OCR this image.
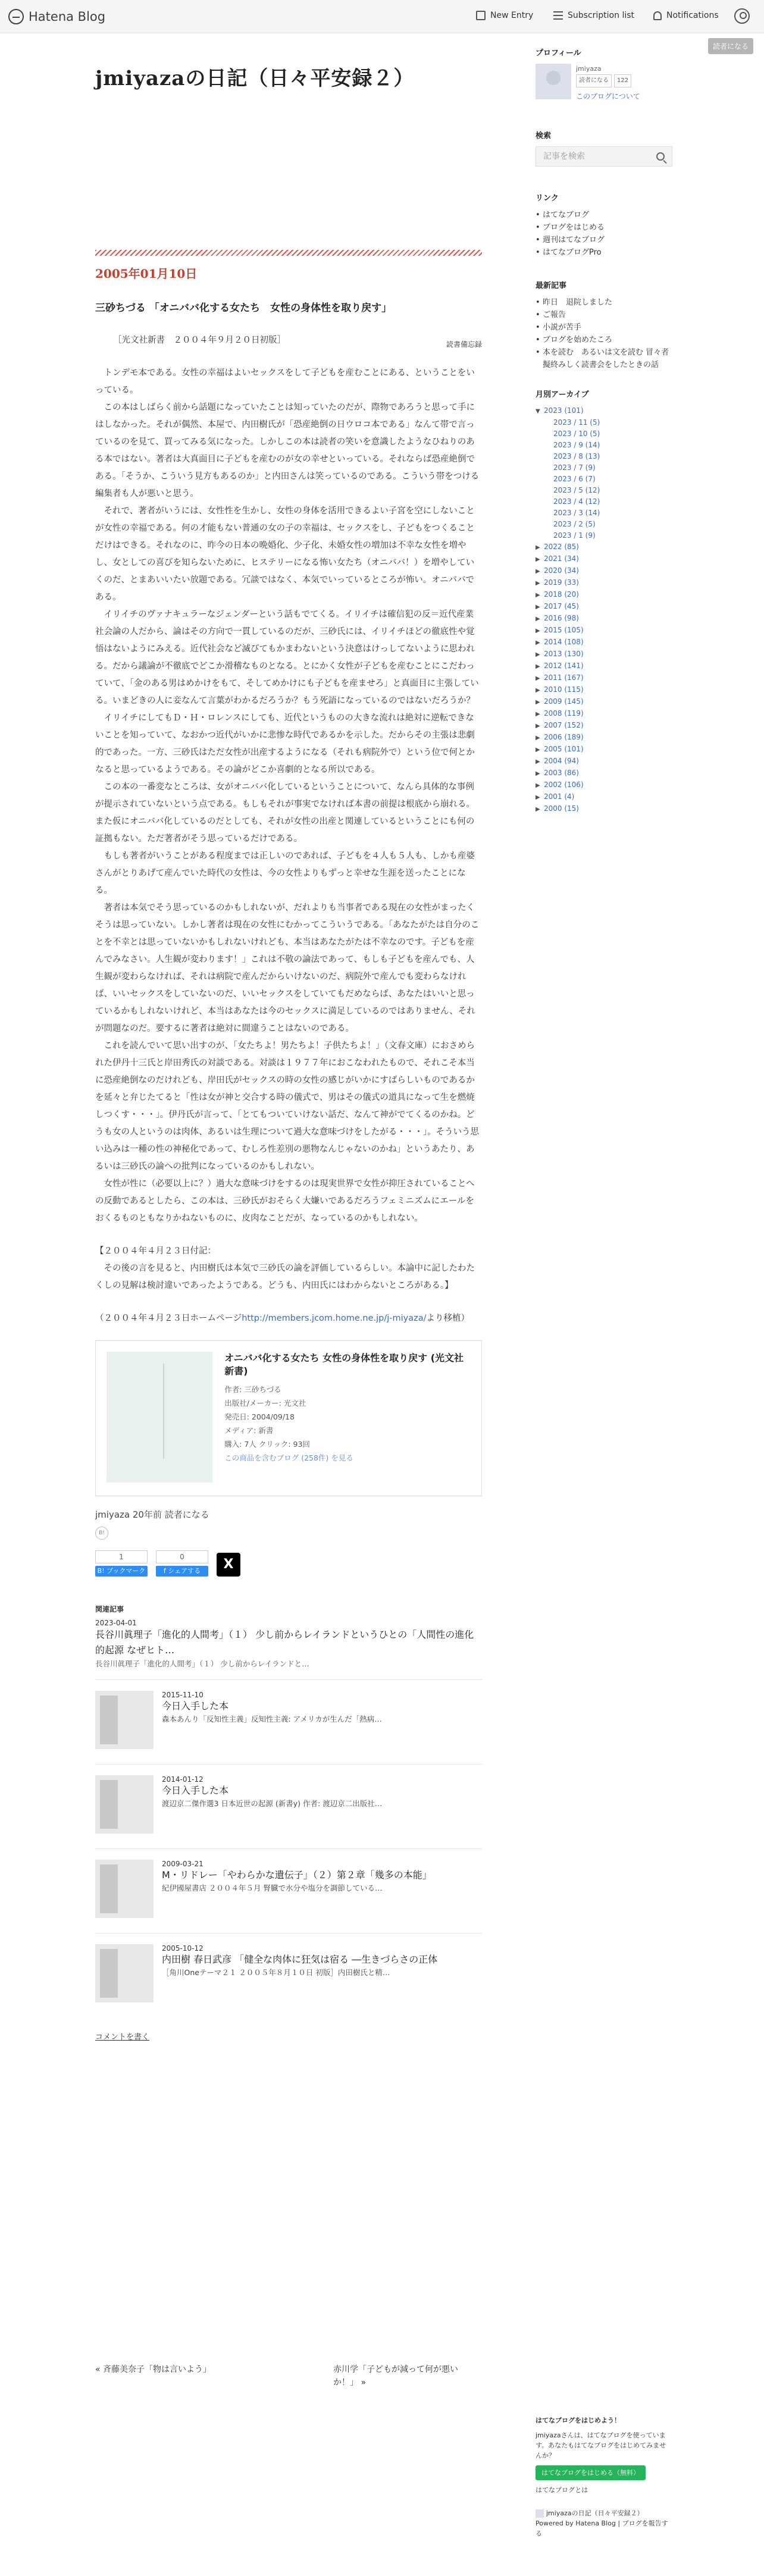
Hatena Blog	New Entry	Subscription list	Notifications
読者になる
jmiyazaの日記（日々平安録２）
2005年01月10日
三砂ちづる 「オニババ化する女たち　女性の身体性を取り戻す」
読書備忘録

［光文社新書　２００４年９月２０日初版］

　トンデモ本である。女性の幸福はよいセックスをして子どもを産むことにある、ということをいっている。

　この本はしばらく前から話題になっていたことは知っていたのだが、際物であろうと思って手にはしなかった。それが偶然、本屋で、内田樹氏が「恐産絶倒の日ウロコ本である」なんて帯で言っているのを見て、買ってみる気になった。しかしこの本は読者の笑いを意識したようなひねりのある本ではない。著者は大真面目に子どもを産むのが女の幸せといっている。それならば恐産絶倒である。「そうか、こういう見方もあるのか」と内田さんは笑っているのである。こういう帯をつける編集者も人が悪いと思う。

　それで、著者がいうには、女性性を生かし、女性の身体を活用できるよい子宮を空にしないことが女性の幸福である。何の才能もない普通の女の子の幸福は、セックスをし、子どもをつくることだけはできる。それなのに、昨今の日本の晩婚化、少子化、未婚女性の増加は不幸な女性を増やし、女としての喜びを知らないために、ヒステリーになる怖い女たち（オニババ！）を増やしていくのだ、とまあいいたい放題である。冗談ではなく、本気でいっているところが怖い。オニババである。

　イリイチのヴァナキュラーなジェンダーという話もでてくる。イリイチは確信犯の反＝近代産業社会論の人だから、論はその方向で一貫しているのだが、三砂氏には、イリイチほどの徹底性や覚悟はないようにみえる。近代社会など滅びてもかまわないという決意はけっしてないように思われる。だから議論が不徹底でどこか滑稽なものとなる。とにかく女性が子どもを産むことにこだわっていて、「金のある男はめかけをもて、そしてめかけにも子どもを産ませろ」と真面目に主張している。いまどきの人に妾なんて言葉がわかるだろうか？もう死語になっているのではないだろうか？

　イリイチにしてもＤ・Ｈ・ロレンスにしても、近代というものの大きな流れは絶対に逆転できないことを知っていて、なおかつ近代がいかに悲惨な時代であるかを示した。だからその主張は悲劇的であった。一方、三砂氏はただ女性が出産するようになる（それも病院外で）という位で何とかなると思っているようである。その論がどこか喜劇的となる所以である。

　この本の一番変なところは、女がオニババ化しているということについて、なんら具体的な事例が提示されていないという点である。もしもそれが事実でなければ本書の前提は根底から崩れる。また仮にオニババ化しているのだとしても、それが女性の出産と関連しているということにも何の証拠もない。ただ著者がそう思っているだけである。

　もしも著者がいうことがある程度までは正しいのであれば、子どもを４人も５人も、しかも産婆さんがとりあげて産んでいた時代の女性は、今の女性よりもずっと幸せな生涯を送ったことになる。

　著者は本気でそう思っているのかもしれないが、だれよりも当事者である現在の女性がまったくそうは思っていない。しかし著者は現在の女性にむかってこういうである。「あなたがたは自分のことを不幸とは思っていないかもしれないけれども、本当はあなたがたは不幸なのです。子どもを産んでみなさい。人生観が変わります！」これは不敬の論法であって、もしも子どもを産んでも、人生観が変わらなければ、それは病院で産んだからいけないのだ、病院外で産んでも変わらなければ、いいセックスをしていないのだ、いいセックスをしていてもだめならば、あなたはいいと思っているかもしれないけれど、本当はあなたは今のセックスに満足しているのではありません、それが問題なのだ。要するに著者は絶対に間違うことはないのである。

　これを読んでいて思い出すのが、「女たちよ！男たちよ！子供たちよ！」（文春文庫）におさめられた伊丹十三氏と岸田秀氏の対談である。対談は１９７７年におこなわれたもので、それこそ本当に恐産絶倒なのだけれども、岸田氏がセックスの時の女性の感じがいかにすばらしいものであるかを延々と弁じたてると「性は女が神と交合する時の儀式で、男はその儀式の道具になって生を燃焼しつくす・・・」。伊丹氏が言って、「とてもついていけない話だ、なんて神がでてくるのかね。どうも女の人というのは肉体、あるいは生理について過大な意味づけをしたがる・・・」。そういう思い込みは一種の性の神秘化であって、むしろ性差別の悪物なんじゃないのかね」というあたり、あるいは三砂氏の論への批判になっているのかもしれない。

　女性が性に（必要以上に？）過大な意味づけをするのは現実世界で女性が抑圧されていることへの反動であるとしたら、この本は、三砂氏がおそらく大嫌いであるだろうフェミニズムにエールをおくるものともなりかねないものに、皮肉なことだが、なっているのかもしれない。

【２００４年４月２３日付記：

　その後の言を見ると、内田樹氏は本気で三砂氏の論を評価しているらしい。本論中に記したわたくしの見解は検討違いであったようである。どうも、内田氏にはわからないところがある。】

（２００４年４月２３日ホームページhttp://members.jcom.home.ne.jp/j-miyaza/より移植）

オニババ化する女たち 女性の身体性を取り戻す (光文社新書)
作者: 三砂ちづる
出版社/メーカー: 光文社
発売日: 2004/09/18
メディア: 新書
購入: 7人 クリック: 93回
この商品を含むブログ (258件) を見る
jmiyaza 20年前 読者になる
B!
1
B! ブックマーク
0
f シェアする	X
関連記事
2023-04-01
長谷川眞理子「進化的人間考」（１） 少し前からレイランドというひとの「人間性の進化的起源 なぜヒト…
長谷川眞理子「進化的人間考」（１） 少し前からレイランドと…
2015-11-10
今日入手した本
森本あんり「反知性主義」反知性主義: アメリカが生んだ「熱病…
2014-01-12
今日入手した本
渡辺京二傑作選3 日本近世の起源 (新書y) 作者: 渡辺京二出版社…
2009-03-21
M・リドレー「やわらかな遺伝子」（２）第２章「幾多の本能」
紀伊國屋書店 ２００４年５月 腎臓で水分や塩分を調節している…
2005-10-12
内田樹 春日武彦 「健全な肉体に狂気は宿る ―生きづらさの正体
［角川Oneテーマ２１ ２００５年８月１０日 初版］内田樹氏と精…
コメントを書く
« 斉藤美奈子「物は言いよう」	赤川学「子どもが減って何が悪いか！」 »
プロフィール
jmiyaza
読者になる 122
このブログについて
検索
記事を検索
リンク
• はてなブログ
• ブログをはじめる
• 週刊はてなブログ
• はてなブログPro
最新記事
• 昨日　退院しました
• ご報告
• 小説が苦手
• ブログを始めたころ
• 本を読む　あるいは文を読む 冒々者擬終みしく読書会をしたときの話
月別アーカイブ
▼ 2023 (101)
2023 / 11 (5)
2023 / 10 (5)
2023 / 9 (14)
2023 / 8 (13)
2023 / 7 (9)
2023 / 6 (7)
2023 / 5 (12)
2023 / 4 (12)
2023 / 3 (14)
2023 / 2 (5)
2023 / 1 (9)
▶ 2022 (85)
▶ 2021 (34)
▶ 2020 (34)
▶ 2019 (33)
▶ 2018 (20)
▶ 2017 (45)
▶ 2016 (98)
▶ 2015 (105)
▶ 2014 (108)
▶ 2013 (130)
▶ 2012 (141)
▶ 2011 (167)
▶ 2010 (115)
▶ 2009 (145)
▶ 2008 (119)
▶ 2007 (152)
▶ 2006 (189)
▶ 2005 (101)
▶ 2004 (94)
▶ 2003 (86)
▶ 2002 (106)
▶ 2001 (4)
▶ 2000 (15)
はてなブログをはじめよう！
jmiyazaさんは、はてなブログを使っています。あなたもはてなブログをはじめてみませんか？
はてなブログをはじめる（無料）
はてなブログとは
jmiyazaの日記（日々平安録２）
Powered by Hatena Blog | ブログを報告する
